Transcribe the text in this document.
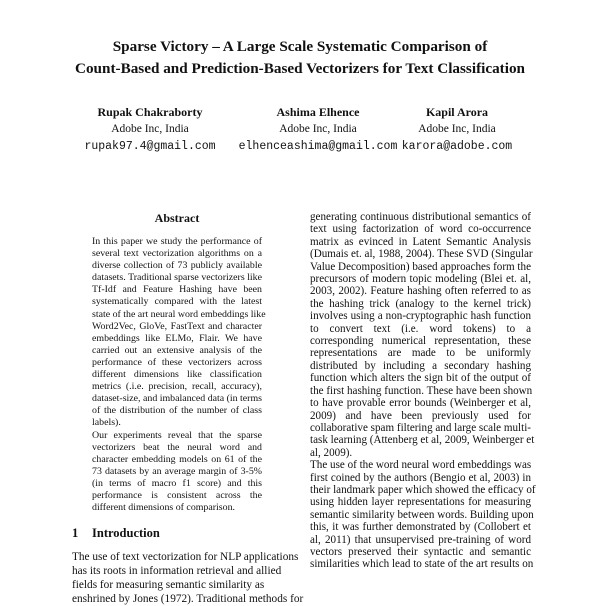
Sparse Victory – A Large Scale Systematic Comparison of
Count-Based and Prediction-Based Vectorizers for Text Classification
Rupak Chakraborty
Adobe Inc, India
rupak97.4@gmail.com
Ashima Elhence
Adobe Inc, India
elhenceashima@gmail.com
Kapil Arora
Adobe Inc, India
karora@adobe.com
Abstract
In this paper we study the performance of
several text vectorization algorithms on a
diverse collection of 73 publicly available
datasets. Traditional sparse vectorizers like
Tf-Idf and Feature Hashing have been
systematically compared with the latest
state of the art neural word embeddings like
Word2Vec, GloVe, FastText and character
embeddings like ELMo, Flair. We have
carried out an extensive analysis of the
performance of these vectorizers across
different dimensions like classification
metrics (.i.e. precision, recall, accuracy),
dataset-size, and imbalanced data (in terms
of the distribution of the number of class
labels).
Our experiments reveal that the sparse
vectorizers beat the neural word and
character embedding models on 61 of the
73 datasets by an average margin of 3-5%
(in terms of macro f1 score) and this
performance is consistent across the
different dimensions of comparison.
1 Introduction
The use of text vectorization for NLP applications
has its roots in information retrieval and allied
fields for measuring semantic similarity as
enshrined by Jones (1972). Traditional methods for
generating continuous distributional semantics of
text using factorization of word co-occurrence
matrix as evinced in Latent Semantic Analysis
(Dumais et. al, 1988, 2004). These SVD (Singular
Value Decomposition) based approaches form the
precursors of modern topic modeling (Blei et. al,
2003, 2002). Feature hashing often referred to as
the hashing trick (analogy to the kernel trick)
involves using a non-cryptographic hash function
to convert text (i.e. word tokens) to a
corresponding numerical representation, these
representations are made to be uniformly
distributed by including a secondary hashing
function which alters the sign bit of the output of
the first hashing function. These have been shown
to have provable error bounds (Weinberger et al,
2009) and have been previously used for
collaborative spam filtering and large scale multi-
task learning (Attenberg et al, 2009, Weinberger et
al, 2009).
The use of the word neural word embeddings was
first coined by the authors (Bengio et al, 2003) in
their landmark paper which showed the efficacy of
using hidden layer representations for measuring
semantic similarity between words. Building upon
this, it was further demonstrated by (Collobert et
al, 2011) that unsupervised pre-training of word
vectors preserved their syntactic and semantic
similarities which lead to state of the art results on
